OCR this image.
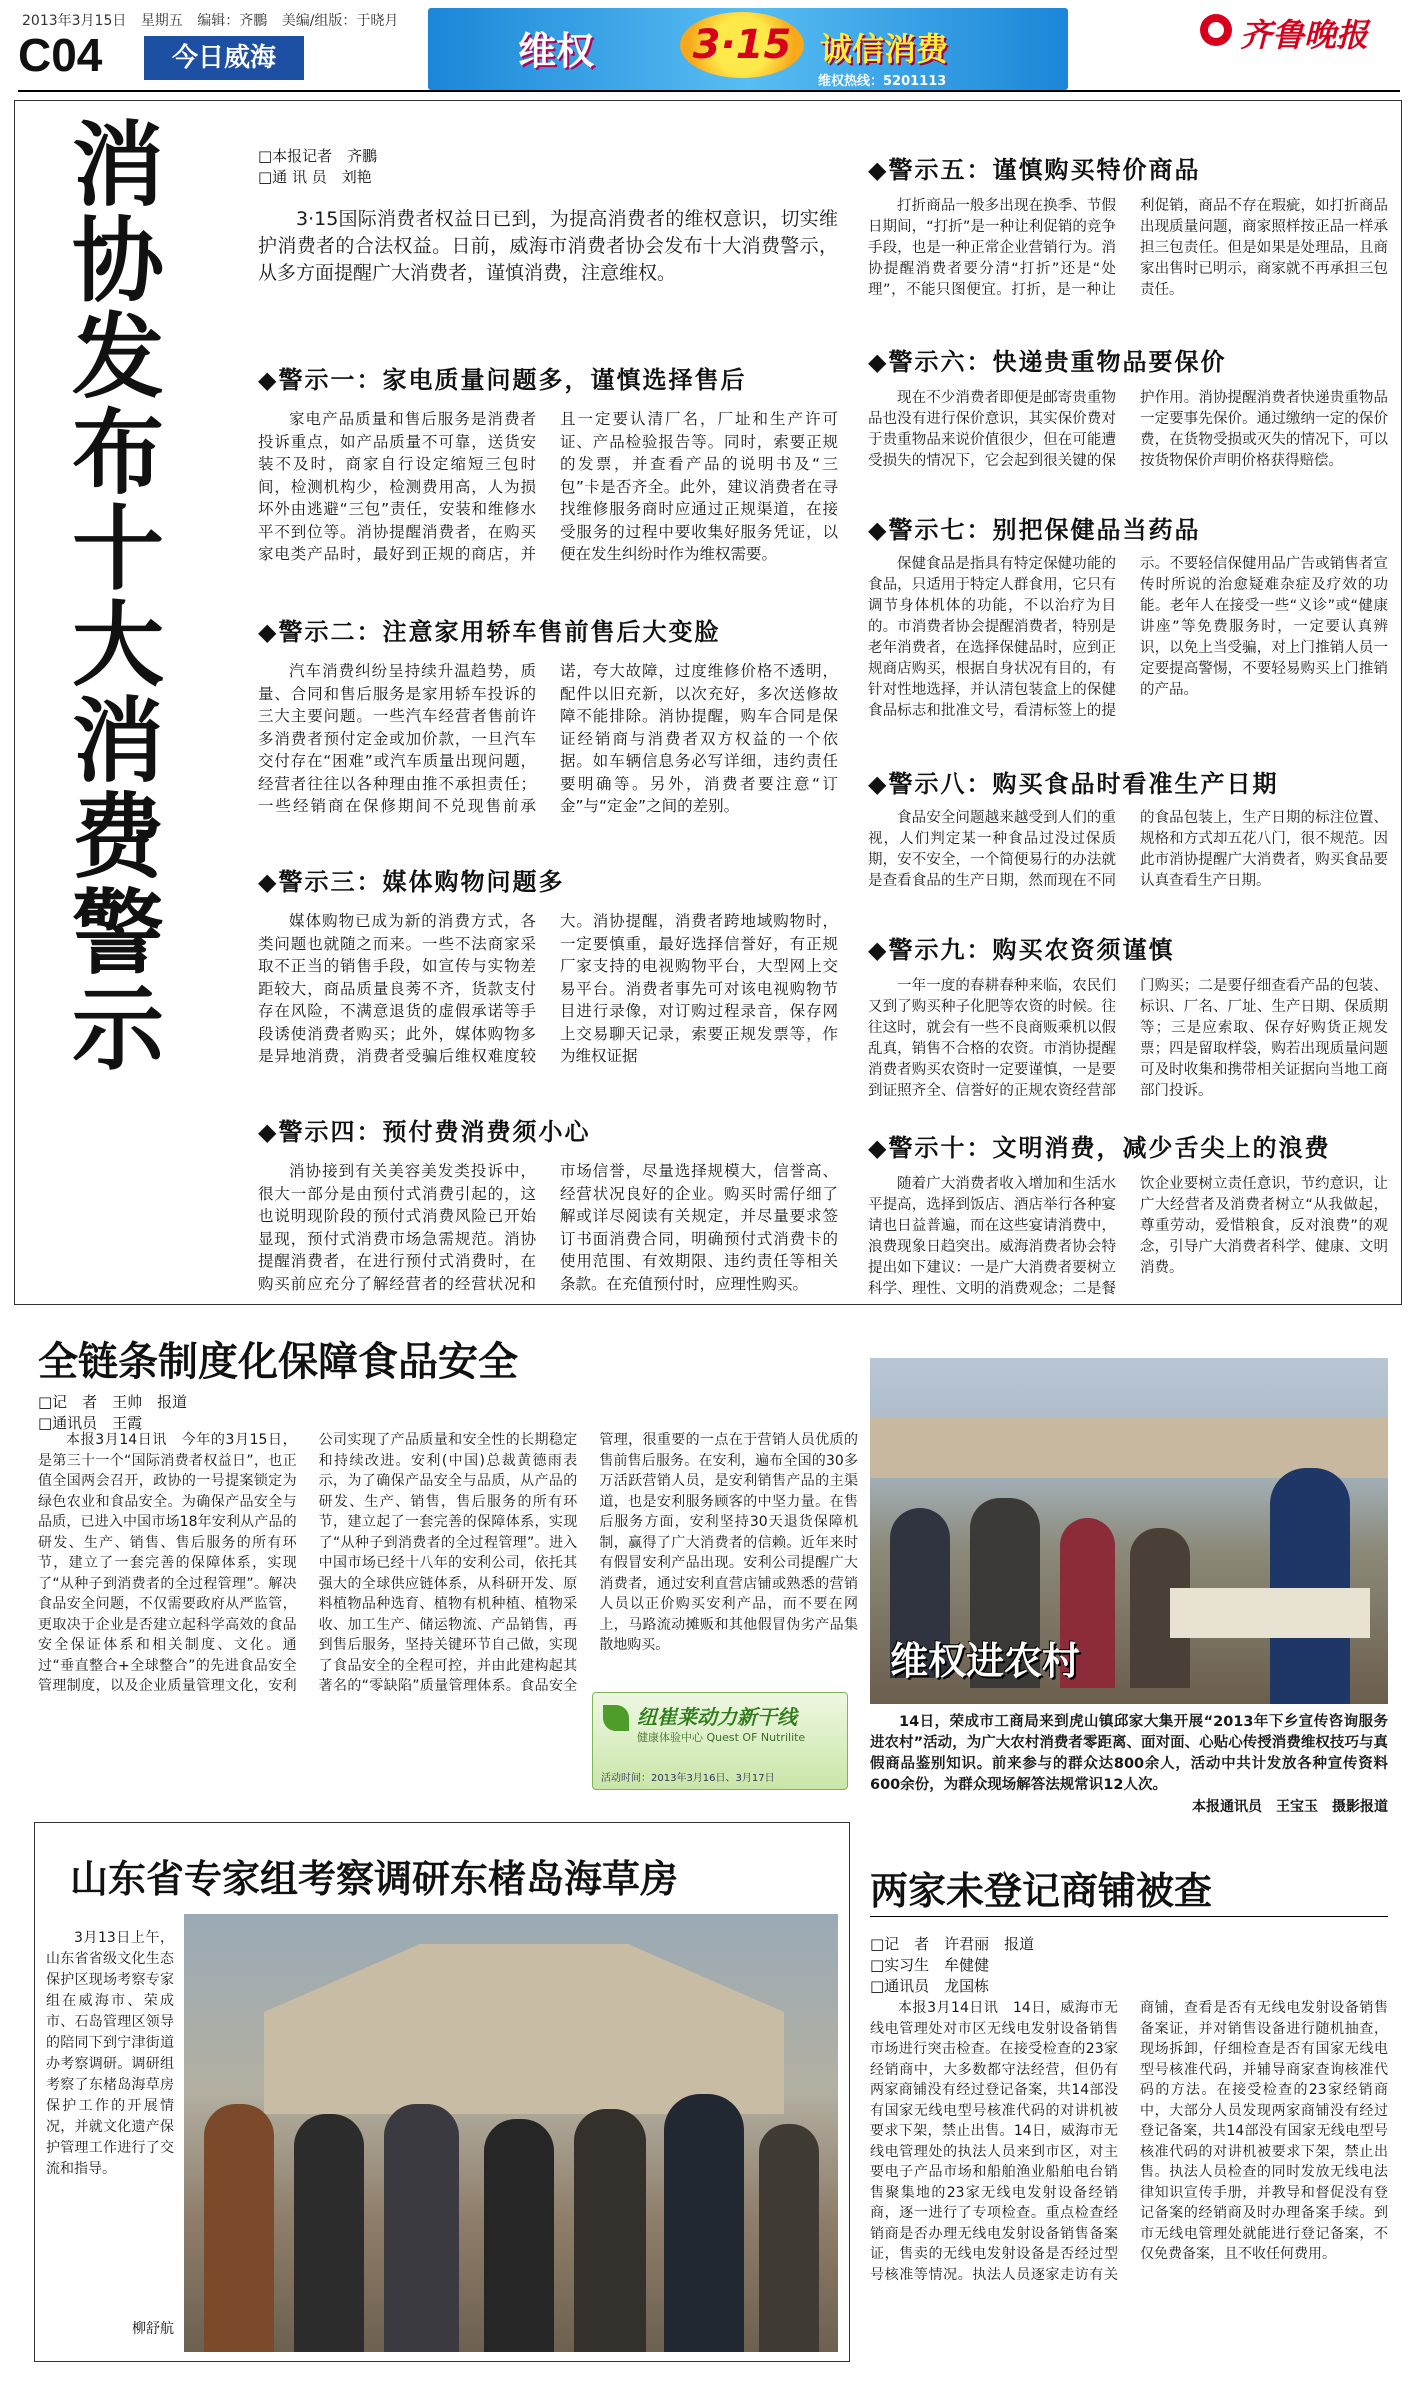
2013年3月15日 星期五 编辑：齐鵬 美编/组版：于晓月
C04	今日威海	维权	3·15 诚信消费
维权热线：5201113
齐鲁晚报
消协发布十大消费警示	□本报记者　齐鵬
□通 讯 员　刘艳

3·15国际消费者权益日已到，为提高消费者的维权意识，切实维护消费者的合法权益。日前，威海市消费者协会发布十大消费警示，从多方面提醒广大消费者，谨慎消费，注意维权。

◆警示一：家电质量问题多，谨慎选择售后

家电产品质量和售后服务是消费者投诉重点，如产品质量不可靠，送货安装不及时，商家自行设定缩短三包时间，检测机构少，检测费用高，人为损坏外由逃避“三包”责任，安装和维修水平不到位等。消协提醒消费者，在购买家电类产品时，最好到正规的商店，并且一定要认清厂名，厂址和生产许可证、产品检验报告等。同时，索要正规的发票，并查看产品的说明书及“三包”卡是否齐全。此外，建议消费者在寻找维修服务商时应通过正规渠道，在接受服务的过程中要收集好服务凭证，以便在发生纠纷时作为维权需要。

◆警示二：注意家用轿车售前售后大变脸

汽车消费纠纷呈持续升温趋势，质量、合同和售后服务是家用轿车投诉的三大主要问题。一些汽车经营者售前许多消费者预付定金或加价款，一旦汽车交付存在“困难”或汽车质量出现问题，经营者往往以各种理由推不承担责任；一些经销商在保修期间不兑现售前承诺，夸大故障，过度维修价格不透明，配件以旧充新，以次充好，多次送修故障不能排除。消协提醒，购车合同是保证经销商与消费者双方权益的一个依据。如车辆信息务必写详细，违约责任要明确等。另外，消费者要注意“订金”与“定金”之间的差别。

◆警示三：媒体购物问题多

媒体购物已成为新的消费方式，各类问题也就随之而来。一些不法商家采取不正当的销售手段，如宣传与实物差距较大，商品质量良莠不齐，货款支付存在风险，不满意退货的虚假承诺等手段诱使消费者购买；此外，媒体购物多是异地消费，消费者受骗后维权难度较大。消协提醒，消费者跨地域购物时，一定要慎重，最好选择信誉好，有正规厂家支持的电视购物平台，大型网上交易平台。消费者事先可对该电视购物节目进行录像，对订购过程录音，保存网上交易聊天记录，索要正规发票等，作为维权证据

◆警示四：预付费消费须小心

消协接到有关美容美发类投诉中，很大一部分是由预付式消费引起的，这也说明现阶段的预付式消费风险已开始显现，预付式消费市场急需规范。消协提醒消费者，在进行预付式消费时，在购买前应充分了解经营者的经营状况和市场信誉，尽量选择规模大，信誉高、经营状况良好的企业。购买时需仔细了解或详尽阅读有关规定，并尽量要求签订书面消费合同，明确预付式消费卡的使用范围、有效期限、违约责任等相关条款。在充值预付时，应理性购买。

◆警示五：谨慎购买特价商品

打折商品一般多出现在换季、节假日期间，“打折”是一种让利促销的竞争手段，也是一种正常企业营销行为。消协提醒消费者要分清“打折”还是“处理”，不能只图便宜。打折，是一种让利促销，商品不存在瑕疵，如打折商品出现质量问题，商家照样按正品一样承担三包责任。但是如果是处理品，且商家出售时已明示，商家就不再承担三包责任。

◆警示六：快递贵重物品要保价

现在不少消费者即便是邮寄贵重物品也没有进行保价意识，其实保价费对于贵重物品来说价值很少，但在可能遭受损失的情况下，它会起到很关键的保护作用。消协提醒消费者快递贵重物品一定要事先保价。通过缴纳一定的保价费，在货物受损或灭失的情况下，可以按货物保价声明价格获得赔偿。

◆警示七：别把保健品当药品

保健食品是指具有特定保健功能的食品，只适用于特定人群食用，它只有调节身体机体的功能，不以治疗为目的。市消费者协会提醒消费者，特别是老年消费者，在选择保健品时，应到正规商店购买，根据自身状况有目的，有针对性地选择，并认清包装盒上的保健食品标志和批准文号，看清标签上的提示。不要轻信保健用品广告或销售者宣传时所说的治愈疑难杂症及疗效的功能。老年人在接受一些“义诊”或“健康讲座”等免费服务时，一定要认真辨识，以免上当受骗，对上门推销人员一定要提高警惕，不要轻易购买上门推销的产品。

◆警示八：购买食品时看准生产日期

食品安全问题越来越受到人们的重视，人们判定某一种食品过没过保质期，安不安全，一个简便易行的办法就是查看食品的生产日期，然而现在不同的食品包装上，生产日期的标注位置、规格和方式却五花八门，很不规范。因此市消协提醒广大消费者，购买食品要认真查看生产日期。

◆警示九：购买农资须谨慎

一年一度的春耕春种来临，农民们又到了购买种子化肥等农资的时候。往往这时，就会有一些不良商贩乘机以假乱真，销售不合格的农资。市消协提醒消费者购买农资时一定要谨慎，一是要到证照齐全、信誉好的正规农资经营部门购买；二是要仔细查看产品的包装、标识、厂名、厂址、生产日期、保质期等；三是应索取、保存好购货正规发票；四是留取样袋，购若出现质量问题可及时收集和携带相关证据向当地工商部门投诉。

◆警示十：文明消费，减少舌尖上的浪费

随着广大消费者收入增加和生活水平提高，选择到饭店、酒店举行各种宴请也日益普遍，而在这些宴请消费中，浪费现象日趋突出。威海消费者协会特提出如下建议：一是广大消费者要树立科学、理性、文明的消费观念；二是餐饮企业要树立责任意识，节约意识，让广大经营者及消费者树立“从我做起，尊重劳动，爱惜粮食，反对浪费”的观念，引导广大消费者科学、健康、文明消费。

全链条制度化保障食品安全
□记　者　王帅　报道
□通讯员　王霞

本报3月14日讯　今年的3月15日，是第三十一个“国际消费者权益日”，也正值全国两会召开，政协的一号提案锁定为绿色农业和食品安全。为确保产品安全与品质，已进入中国市场18年安利从产品的研发、生产、销售、售后服务的所有环节，建立了一套完善的保障体系，实现了“从种子到消费者的全过程管理”。解决食品安全问题，不仅需要政府从严监管，更取决于企业是否建立起科学高效的食品安全保证体系和相关制度、文化。通过“垂直整合+全球整合”的先进食品安全管理制度，以及企业质量管理文化，安利公司实现了产品质量和安全性的长期稳定和持续改进。安利(中国)总裁黄德雨表示，为了确保产品安全与品质，从产品的研发、生产、销售，售后服务的所有环节，建立起了一套完善的保障体系，实现了“从种子到消费者的全过程管理”。进入中国市场已经十八年的安利公司，依托其强大的全球供应链体系，从科研开发、原料植物品种选育、植物有机种植、植物采收、加工生产、储运物流、产品销售，再到售后服务，坚持关键环节自己做，实现了食品安全的全程可控，并由此建构起其著名的“零缺陷”质量管理体系。食品安全管理，很重要的一点在于营销人员优质的售前售后服务。在安利，遍布全国的30多万活跃营销人员，是安利销售产品的主渠道，也是安利服务顾客的中坚力量。在售后服务方面，安利坚持30天退货保障机制，赢得了广大消费者的信赖。近年来时有假冒安利产品出现。安利公司提醒广大消费者，通过安利直营店铺或熟悉的营销人员以正价购买安利产品，而不要在网上，马路流动摊贩和其他假冒伪劣产品集散地购买。

纽崔莱动力新干线
健康体验中心 Quest OF Nutrilite
活动时间：2013年3月16日、3月17日
维权进农村

14日，荣成市工商局来到虎山镇邱家大集开展“2013年下乡宣传咨询服务进农村”活动，为广大农村消费者零距离、面对面、心贴心传授消费维权技巧与真假商品鉴别知识。前来参与的群众达800余人，活动中共计发放各种宣传资料600余份，为群众现场解答法规常识12人次。

本报通讯员　王宝玉　摄影报道
山东省专家组考察调研东楮岛海草房

3月13日上午，山东省省级文化生态保护区现场考察专家组在威海市、荣成市、石岛管理区领导的陪同下到宁津街道办考察调研。调研组考察了东楮岛海草房保护工作的开展情况，并就文化遗产保护管理工作进行了交流和指导。

柳舒航
两家未登记商铺被查
□记　者　许君丽　报道
□实习生　牟健健
□通讯员　龙国栋

本报3月14日讯　14日，威海市无线电管理处对市区无线电发射设备销售市场进行突击检查。在接受检查的23家经销商中，大多数都守法经营，但仍有两家商铺没有经过登记备案，共14部没有国家无线电型号核准代码的对讲机被要求下架，禁止出售。14日，威海市无线电管理处的执法人员来到市区，对主要电子产品市场和船舶渔业船舶电台销售聚集地的23家无线电发射设备经销商，逐一进行了专项检查。重点检查经销商是否办理无线电发射设备销售备案证，售卖的无线电发射设备是否经过型号核准等情况。执法人员逐家走访有关商铺，查看是否有无线电发射设备销售备案证，并对销售设备进行随机抽查，现场拆卸，仔细检查是否有国家无线电型号核准代码，并辅导商家查询核准代码的方法。在接受检查的23家经销商中，大部分人员发现两家商铺没有经过登记备案，共14部没有国家无线电型号核准代码的对讲机被要求下架，禁止出售。执法人员检查的同时发放无线电法律知识宣传手册，并教导和督促没有登记备案的经销商及时办理备案手续。到市无线电管理处就能进行登记备案，不仅免费备案，且不收任何费用。
